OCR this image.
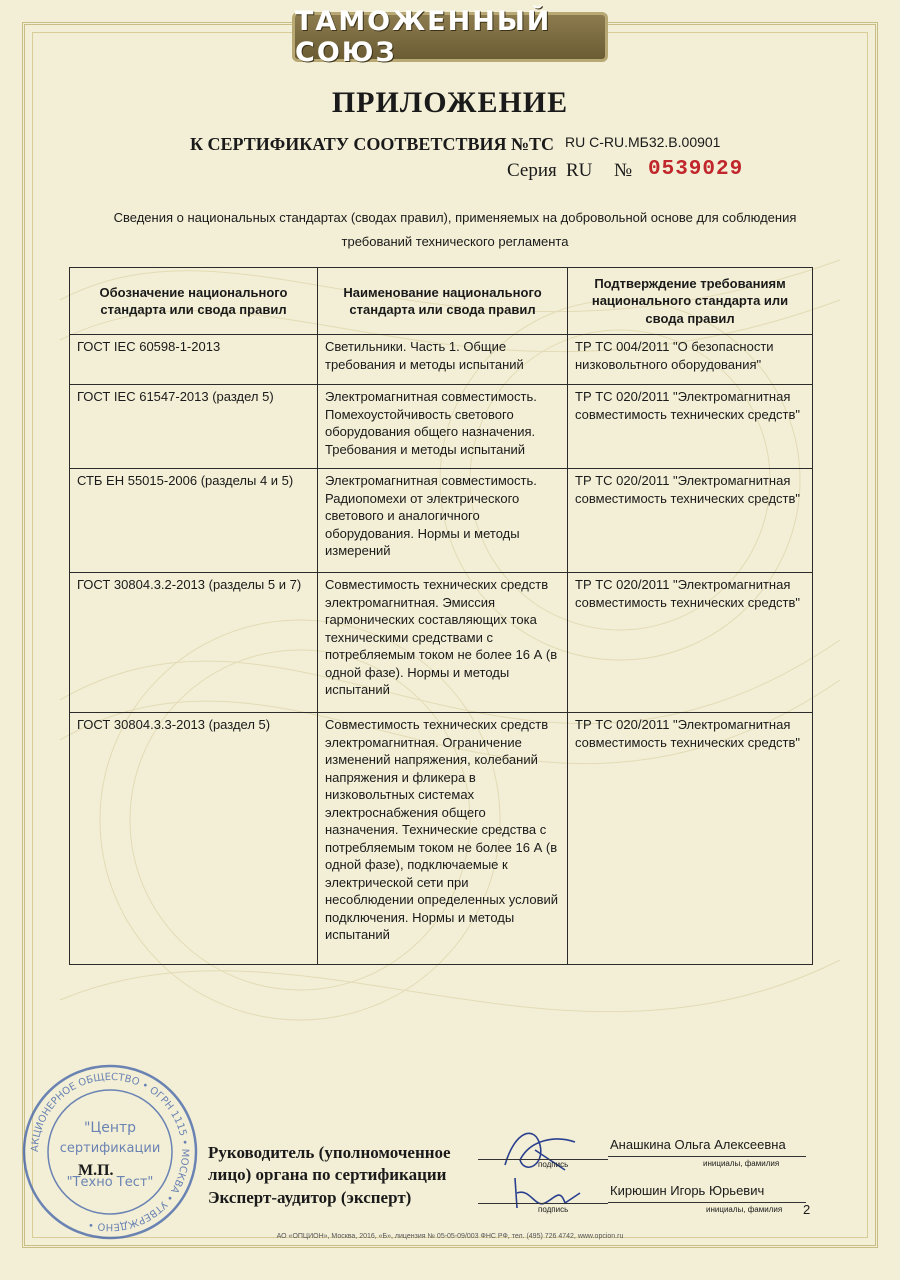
ТАМОЖЕННЫЙ СОЮЗ
ПРИЛОЖЕНИЕ
К СЕРТИФИКАТУ СООТВЕТСТВИЯ №ТС RU C-RU.МБ32.В.00901
Серия RU № 0539029
Сведения о национальных стандартах (сводах правил), применяемых на добровольной основе для соблюдения
требований технического регламента
Обозначение национального стандарта или свода правил	Наименование национального стандарта или свода правил	Подтверждение требованиям национального стандарта или свода правил
ГОСТ IEC 60598-1-2013	Светильники. Часть 1. Общие требования и методы испытаний	ТР ТС 004/2011 "О безопасности низковольтного оборудования"
ГОСТ IEC 61547-2013 (раздел 5)	Электромагнитная совместимость. Помехоустойчивость светового оборудования общего назначения. Требования и методы испытаний	ТР ТС 020/2011 "Электромагнитная совместимость технических средств"
СТБ ЕН 55015-2006 (разделы 4 и 5)	Электромагнитная совместимость. Радиопомехи от электрического светового и аналогичного оборудования. Нормы и методы измерений	ТР ТС 020/2011 "Электромагнитная совместимость технических средств"
ГОСТ 30804.3.2-2013 (разделы 5 и 7)	Совместимость технических средств электромагнитная. Эмиссия гармонических составляющих тока техническими средствами с потребляемым током не более 16 А (в одной фазе). Нормы и методы испытаний	ТР ТС 020/2011 "Электромагнитная совместимость технических средств"
ГОСТ 30804.3.3-2013 (раздел 5)	Совместимость технических средств электромагнитная. Ограничение изменений напряжения, колебаний напряжения и фликера в низковольтных системах электроснабжения общего назначения. Технические средства с потребляемым током не более 16 А (в одной фазе), подключаемые к электрической сети при несоблюдении определенных условий подключения. Нормы и методы испытаний	ТР ТС 020/2011 "Электромагнитная совместимость технических средств"
АКЦИОНЕРНОЕ ОБЩЕСТВО • ОГРН 1115 • МОСКВА • УТВЕРЖДЕНО •
"Центр
сертификации
"Техно Тест"
М.П.
Руководитель (уполномоченное
лицо) органа по сертификации
Эксперт-аудитор (эксперт)
подпись
Анашкина Ольга Алексеевна
инициалы, фамилия
подпись
Кирюшин Игорь Юрьевич
инициалы, фамилия 2
АО «ОПЦИОН», Москва, 2016, «Б», лицензия № 05-05-09/003 ФНС РФ, тел. (495) 726 4742, www.opcion.ru
